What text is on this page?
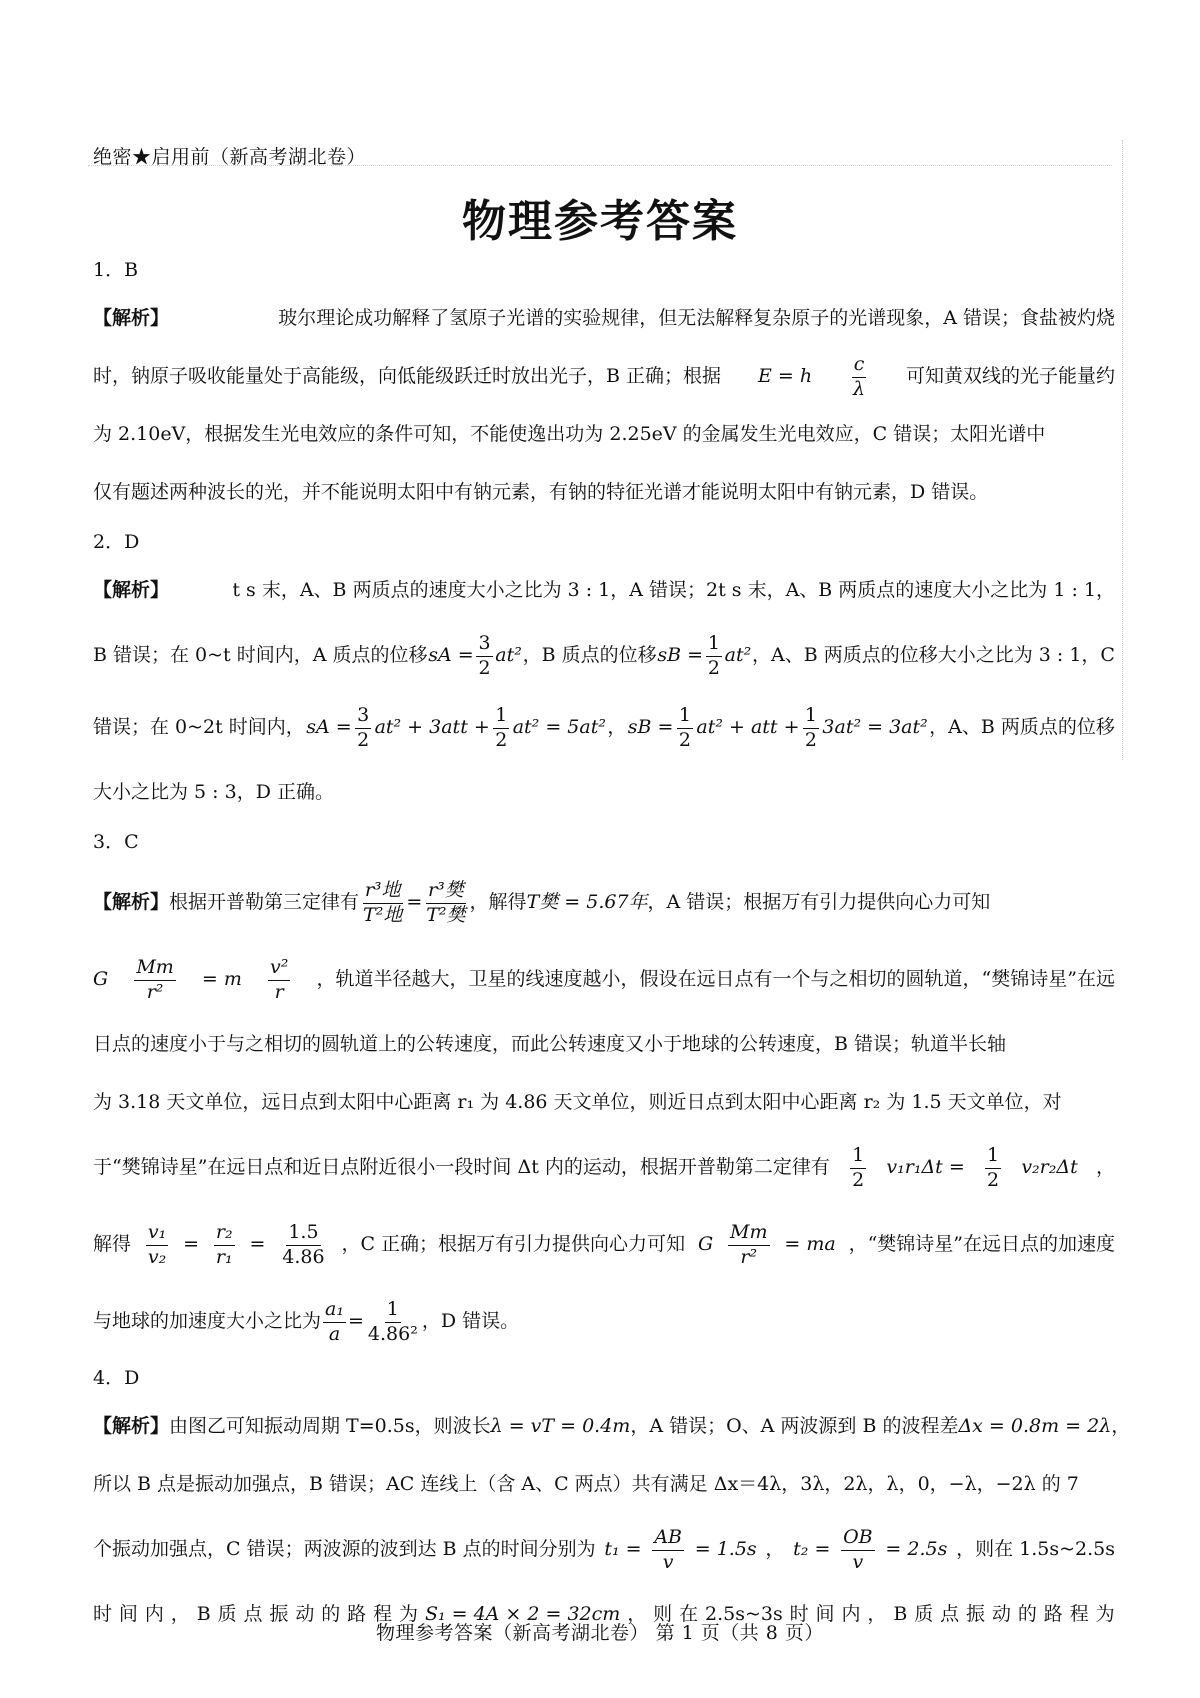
绝密★启用前（新高考湖北卷）
物理参考答案
1．B
【解析】	玻尔理论成功解释了氢原子光谱的实验规律，但无法解释复杂原子的光谱现象，A 错误；食盐被灼烧
时，钠原子吸收能量处于高能级，向低能级跃迁时放出光子，B 正确；根据 E = h $\frac{c}{\lambda}$ 可知黄双线的光子能量约
为 2.10eV，根据发生光电效应的条件可知，不能使逸出功为 2.25eV 的金属发生光电效应，C 错误；太阳光谱中
仅有题述两种波长的光，并不能说明太阳中有钠元素，有钠的特征光谱才能说明太阳中有钠元素，D 错误。
2．D
【解析】	t s 末，A、B 两质点的速度大小之比为 3 : 1，A 错误；2t s 末，A、B 两质点的速度大小之比为 1 : 1，
B 错误；在 0~t 时间内，A 质点的位移 sA = $\frac{3}{2} at^2$ ，B 质点的位移 sB = $\frac{1}{2} at^2$ ，A、B 两质点的位移大小之比为 3 : 1，C
错误；在 0~2t 时间内， sA = $\frac{3}{2} at^2 + 3att + \frac{1}{2} at^2 = 5at^2$ ， sB = $\frac{1}{2} at^2$ + att + $\frac{1}{2} 3at^2 = 3at^2$ ，A、B 两质点的位移
大小之比为 5 : 3，D 正确。
3．C
【解析】 根据开普勒第三定律有 $\frac{\text{r³地}}{\text{T²地}} = \frac{\text{r³樊}}{\text{T²樊}}$ ，解得 T樊 = 5.67年 ，A 错误；根据万有引力提供向心力可知
G $\frac{Mm}{\text{r²}} = m \frac{\text{v²}}{r}$ ，轨道半径越大，卫星的线速度越小，假设在远日点有一个与之相切的圆轨道，“樊锦诗星”在远
日点的速度小于与之相切的圆轨道上的公转速度，而此公转速度又小于地球的公转速度，B 错误；轨道半长轴
为 3.18 天文单位，远日点到太阳中心距离 r₁ 为 4.86 天文单位，则近日点到太阳中心距离 r₂ 为 1.5 天文单位，对
于“樊锦诗星”在远日点和近日点附近很小一段时间 Δt 内的运动，根据开普勒第二定律有 $\frac{1}{2} v_1r_1\Delta t = \frac{1}{2} v_2r_2\Delta t$ ，
解得 $\frac{\text{v₁}}{\text{v₂}} = \frac{\text{r₂}}{\text{r₁}} = \frac{1.5}{4.86}$ ，C 正确；根据万有引力提供向心力可知 G $\frac{Mm}{\text{r²}}$ = ma ，“樊锦诗星”在远日点的加速度
与地球的加速度大小之比为 $\frac{\text{a₁}}{a} = \frac{1}{\text{4.86²}}$ ，D 错误。
4．D
【解析】 由图乙可知振动周期 T=0.5s，则波长 λ = vT = 0.4m ，A 错误；O、A 两波源到 B 的波程差 Δx = 0.8m = 2λ ，
所以 B 点是振动加强点，B 错误；AC 连线上（含 A、C 两点）共有满足 Δx＝4λ，3λ，2λ，λ，0，−λ，−2λ 的 7
个振动加强点，C 错误；两波源的波到达 B 点的时间分别为 $t_1 = \frac{AB}{v} = 1.5s$ ， $t_2 = \frac{OB}{v} = 2.5s$ ，则在 1.5s~2.5s
时 间 内 ， B 质 点 振 动 的 路 程 为 S₁ = 4A × 2 = 32cm ， 则 在 2.5s~3s 时 间 内 ， B 质 点 振 动 的 路 程 为
物理参考答案（新高考湖北卷） 第 1 页（共 8 页）
